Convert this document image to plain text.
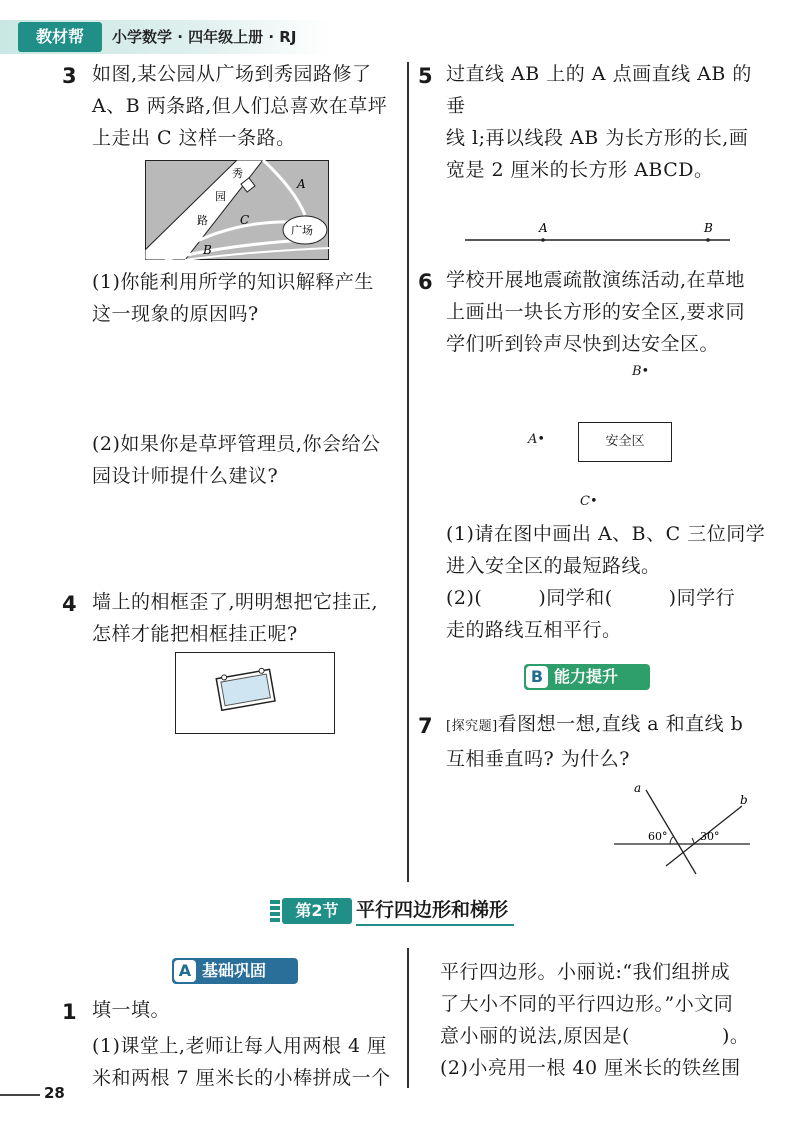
教材帮	小学数学 · 四年级上册 · RJ
3 如图,某公园从广场到秀园路修了
A、B 两条路,但人们总喜欢在草坪
上走出 C 这样一条路。
秀
园
路
A
C
B
广场
(1)你能利用所学的知识解释产生
这一现象的原因吗?
(2)如果你是草坪管理员,你会给公
园设计师提什么建议?
4 墙上的相框歪了,明明想把它挂正,
怎样才能把相框挂正呢?
5 过直线 AB 上的 A 点画直线 AB 的垂
线 l;再以线段 AB 为长方形的长,画
宽是 2 厘米的长方形 ABCD。
A	B
6 学校开展地震疏散演练活动,在草地
上画出一块长方形的安全区,要求同
学们听到铃声尽快到达安全区。
B•
A•	安全区
C•
(1)请在图中画出 A、B、C 三位同学
进入安全区的最短路线。
(2)(	)同学和(	)同学行
走的路线互相平行。
B 能力提升
7 [探究题]看图想一想,直线 a 和直线 b
互相垂直吗? 为什么?
a
b
60°	30°
第2节 平行四边形和梯形
A 基础巩固
1 填一填。
(1)课堂上,老师让每人用两根 4 厘
米和两根 7 厘米长的小棒拼成一个
平行四边形。小丽说:“我们组拼成
了大小不同的平行四边形。”小文同
意小丽的说法,原因是(	)。
(2)小亮用一根 40 厘米长的铁丝围
28
